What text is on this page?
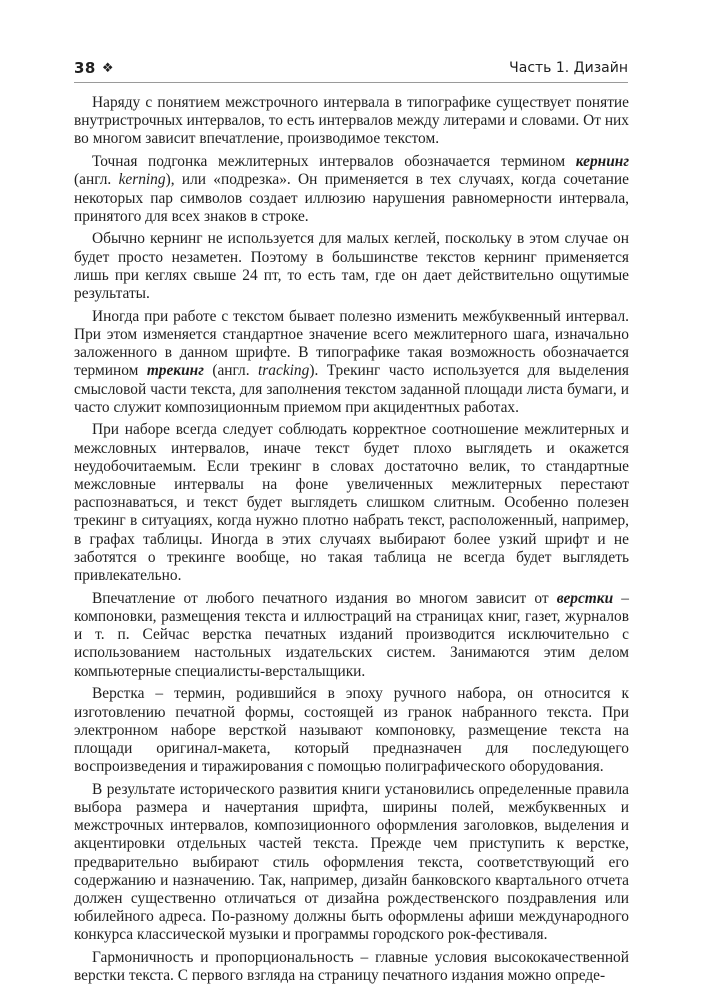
38 ❖	Часть 1. Дизайн

Наряду с понятием межстрочного интервала в типографике существует понятие внутристрочных интервалов, то есть интервалов между литерами и словами. От них во многом зависит впечатление, производимое текстом.

Точная подгонка межлитерных интервалов обозначается термином кернинг (англ. kerning), или «подрезка». Он применяется в тех случаях, когда сочетание некоторых пар символов создает иллюзию нарушения равномерности интервала, принятого для всех знаков в строке.

Обычно кернинг не используется для малых кеглей, поскольку в этом случае он будет просто незаметен. Поэтому в большинстве текстов кернинг применяется лишь при кеглях свыше 24 пт, то есть там, где он дает действительно ощутимые результаты.

Иногда при работе с текстом бывает полезно изменить межбуквенный интервал. При этом изменяется стандартное значение всего межлитерного шага, изначально заложенного в данном шрифте. В типографике такая возможность обозначается термином трекинг (англ. tracking). Трекинг часто используется для выделения смысловой части текста, для заполнения текстом заданной площади листа бумаги, и часто служит композиционным приемом при акцидентных работах.

При наборе всегда следует соблюдать корректное соотношение межлитерных и межсловных интервалов, иначе текст будет плохо выглядеть и окажется неудобочитаемым. Если трекинг в словах достаточно велик, то стандартные межсловные интервалы на фоне увеличенных межлитерных перестают распознаваться, и текст будет выглядеть слишком слитным. Особенно полезен трекинг в ситуациях, когда нужно плотно набрать текст, расположенный, например, в графах таблицы. Иногда в этих случаях выбирают более узкий шрифт и не заботятся о трекинге вообще, но такая таблица не всегда будет выглядеть привлекательно.

Впечатление от любого печатного издания во многом зависит от верстки – компоновки, размещения текста и иллюстраций на страницах книг, газет, журналов и т. п. Сейчас верстка печатных изданий производится исключительно с использованием настольных издательских систем. Занимаются этим делом компьютерные специалисты-версталыщики.

Верстка – термин, родившийся в эпоху ручного набора, он относится к изготовлению печатной формы, состоящей из гранок набранного текста. При электронном наборе версткой называют компоновку, размещение текста на площади оригинал-макета, который предназначен для последующего воспроизведения и тиражирования с помощью полиграфического оборудования.

В результате исторического развития книги установились определенные правила выбора размера и начертания шрифта, ширины полей, межбуквенных и межстрочных интервалов, композиционного оформления заголовков, выделения и акцентировки отдельных частей текста. Прежде чем приступить к верстке, предварительно выбирают стиль оформления текста, соответствующий его содержанию и назначению. Так, например, дизайн банковского квартального отчета должен существенно отличаться от дизайна рождественского поздравления или юбилейного адреса. По-разному должны быть оформлены афиши международного конкурса классической музыки и программы городского рок-фестиваля.

Гармоничность и пропорциональность – главные условия высококачественной верстки текста. С первого взгляда на страницу печатного издания можно опреде-
